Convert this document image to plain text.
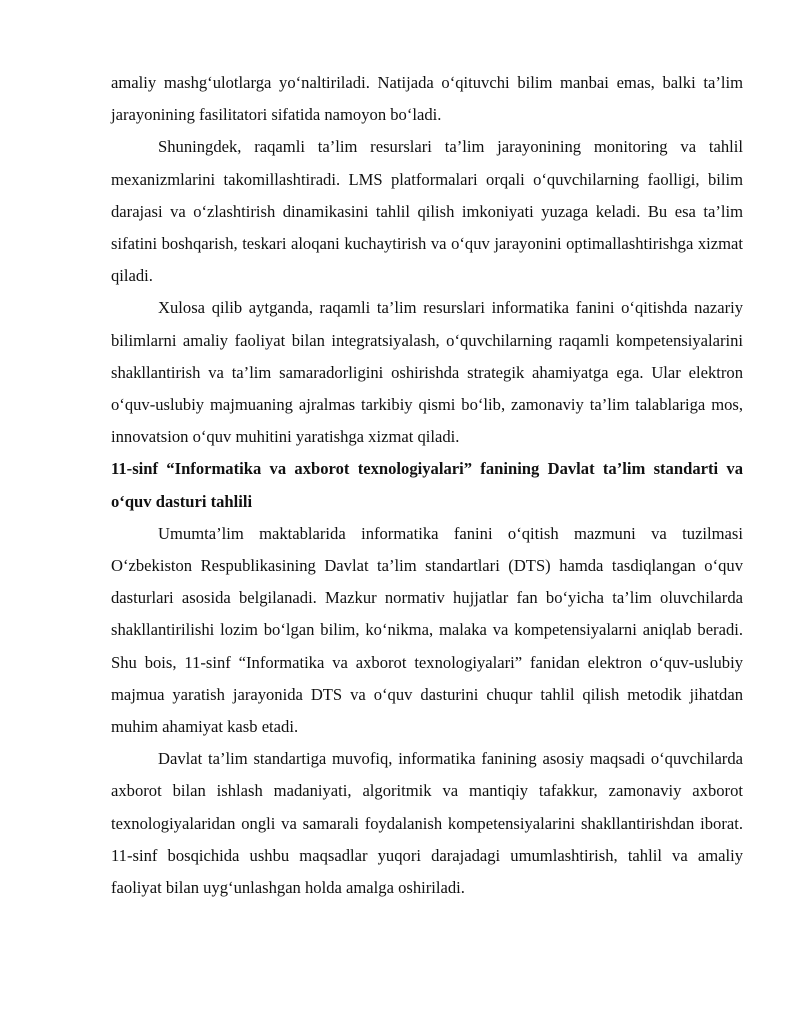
amaliy mashg‘ulotlarga yo‘naltiriladi. Natijada o‘qituvchi bilim manbai emas, balki ta’lim jarayonining fasilitatori sifatida namoyon bo‘ladi.

Shuningdek, raqamli ta’lim resurslari ta’lim jarayonining monitoring va tahlil mexanizmlarini takomillashtiradi. LMS platformalari orqali o‘quvchilarning faolligi, bilim darajasi va o‘zlashtirish dinamikasini tahlil qilish imkoniyati yuzaga keladi. Bu esa ta’lim sifatini boshqarish, teskari aloqani kuchaytirish va o‘quv jarayonini optimallashtirishga xizmat qiladi.

Xulosa qilib aytganda, raqamli ta’lim resurslari informatika fanini o‘qitishda nazariy bilimlarni amaliy faoliyat bilan integratsiyalash, o‘quvchilarning raqamli kompetensiyalarini shakllantirish va ta’lim samaradorligini oshirishda strategik ahamiyatga ega. Ular elektron o‘quv-uslubiy majmuaning ajralmas tarkibiy qismi bo‘lib, zamonaviy ta’lim talablariga mos, innovatsion o‘quv muhitini yaratishga xizmat qiladi.

11-sinf “Informatika va axborot texnologiyalari” fanining Davlat ta’lim standarti va o‘quv dasturi tahlili

Umumta’lim maktablarida informatika fanini o‘qitish mazmuni va tuzilmasi O‘zbekiston Respublikasining Davlat ta’lim standartlari (DTS) hamda tasdiqlangan o‘quv dasturlari asosida belgilanadi. Mazkur normativ hujjatlar fan bo‘yicha ta’lim oluvchilarda shakllantirilishi lozim bo‘lgan bilim, ko‘nikma, malaka va kompetensiyalarni aniqlab beradi. Shu bois, 11-sinf “Informatika va axborot texnologiyalari” fanidan elektron o‘quv-uslubiy majmua yaratish jarayonida DTS va o‘quv dasturini chuqur tahlil qilish metodik jihatdan muhim ahamiyat kasb etadi.

Davlat ta’lim standartiga muvofiq, informatika fanining asosiy maqsadi o‘quvchilarda axborot bilan ishlash madaniyati, algoritmik va mantiqiy tafakkur, zamonaviy axborot texnologiyalaridan ongli va samarali foydalanish kompetensiyalarini shakllantirishdan iborat. 11-sinf bosqichida ushbu maqsadlar yuqori darajadagi umumlashtirish, tahlil va amaliy faoliyat bilan uyg‘unlashgan holda amalga oshiriladi.
